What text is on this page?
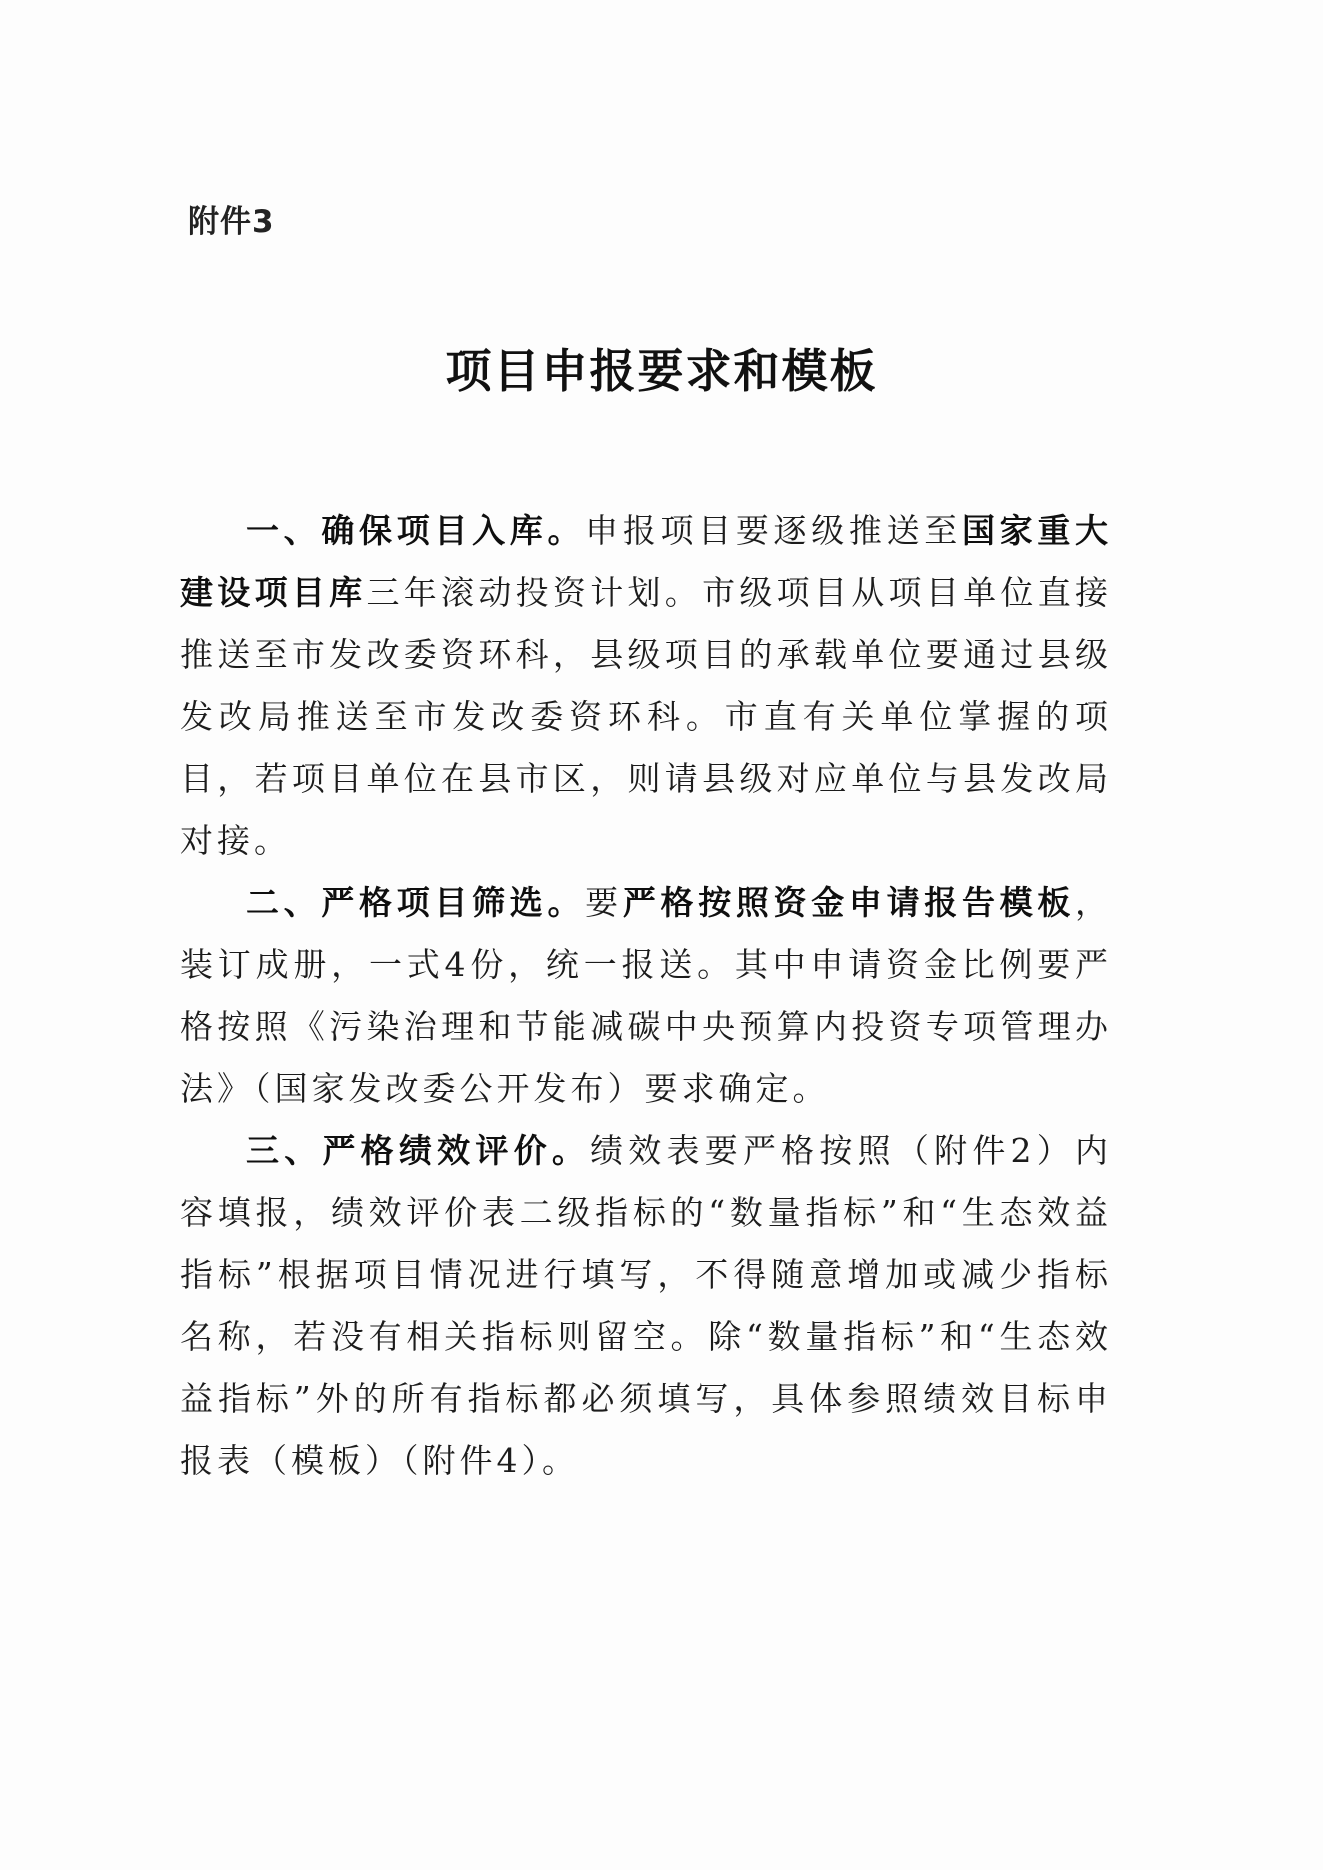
附件3
项目申报要求和模板

一、确保项目入库。申报项目要逐级推送至国家重大建设项目库三年滚动投资计划。市级项目从项目单位直接推送至市发改委资环科，县级项目的承载单位要通过县级发改局推送至市发改委资环科。市直有关单位掌握的项目，若项目单位在县市区，则请县级对应单位与县发改局对接。

二、严格项目筛选。要严格按照资金申请报告模板，装订成册，一式4份，统一报送。其中申请资金比例要严格按照《污染治理和节能减碳中央预算内投资专项管理办法》（国家发改委公开发布）要求确定。

三、严格绩效评价。绩效表要严格按照（附件2）内容填报，绩效评价表二级指标的“数量指标”和“生态效益指标”根据项目情况进行填写，不得随意增加或减少指标名称，若没有相关指标则留空。除“数量指标”和“生态效益指标”外的所有指标都必须填写，具体参照绩效目标申报表（模板）（附件4）。
